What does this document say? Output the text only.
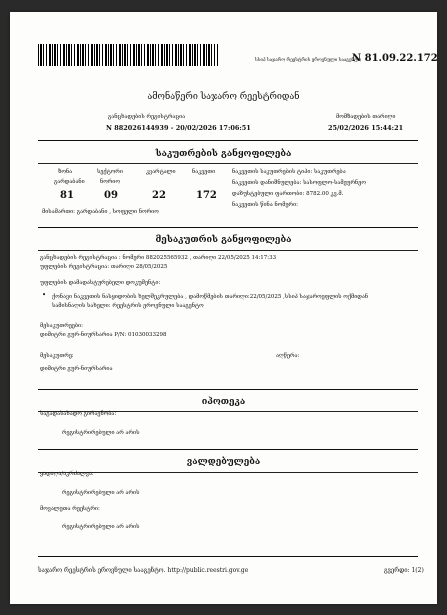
სსიპ საჯარო რეესტრის ეროვნული სააგენტო
N 81.09.22.172
ამონაწერი საჯარო რეესტრიდან
განცხადების რეგისტრაცია
N 882026144939 - 20/02/2026 17:06:51
მომზადების თარიღი
25/02/2026 15:44:21
საკუთრების განყოფილება
ზონა	სექტორი	კვარტალი	ნაკვეთი
გარდაბანი	ნორიო
81	09	22	172
ნაკვეთის საკუთრების ტიპი: საკუთრება
ნაკვეთის დანიშნულება: სასოფლო-სამეურნეო
დაზუსტებული ფართობი: 8782.00 კვ.მ.
ნაკვეთის წინა ნომერი:
მისამართი: გარდაბანი , სოფელი ნორიო
მესაკუთრის განყოფილება
განცხადების რეგისტრაცია : ნომერი 882025565932 , თარიღი 22/05/2025 14:17:33
უფლების რეგისტრაცია: თარიღი 28/05/2025
უფლების დამადასტურებელი დოკუმენტი:
• ქონავი ნაკვეთის ნასყიდობის ხელშეკრულება , დამოწმების თარიღი:22/05/2025 ,სსიპ საჯაროეფლის ოქმიდან
სამისნაღის სახელი: რეესტრის ეროვნული სააგენტო
მესაკუთრეები:
დიმიტრი გურ-ნიურსარია P/N: 01030033298
მესაკუთრე:	აღწერა:
დიმიტრი გურ-ნიურსარია
იპოთეკა
საგადასახადო გირავნობა:
რეგისტრირებული არ არის
ვალდებულება
ყადაღა/აკრძალვა:
რეგისტრირებული არ არის
მოვალეთა რეესტრი:
რეგისტრირებული არ არის
საჯარო რეესტრის ეროვნული სააგენტო. http://public.reestri.gov.ge	გვერდი: 1(2)
